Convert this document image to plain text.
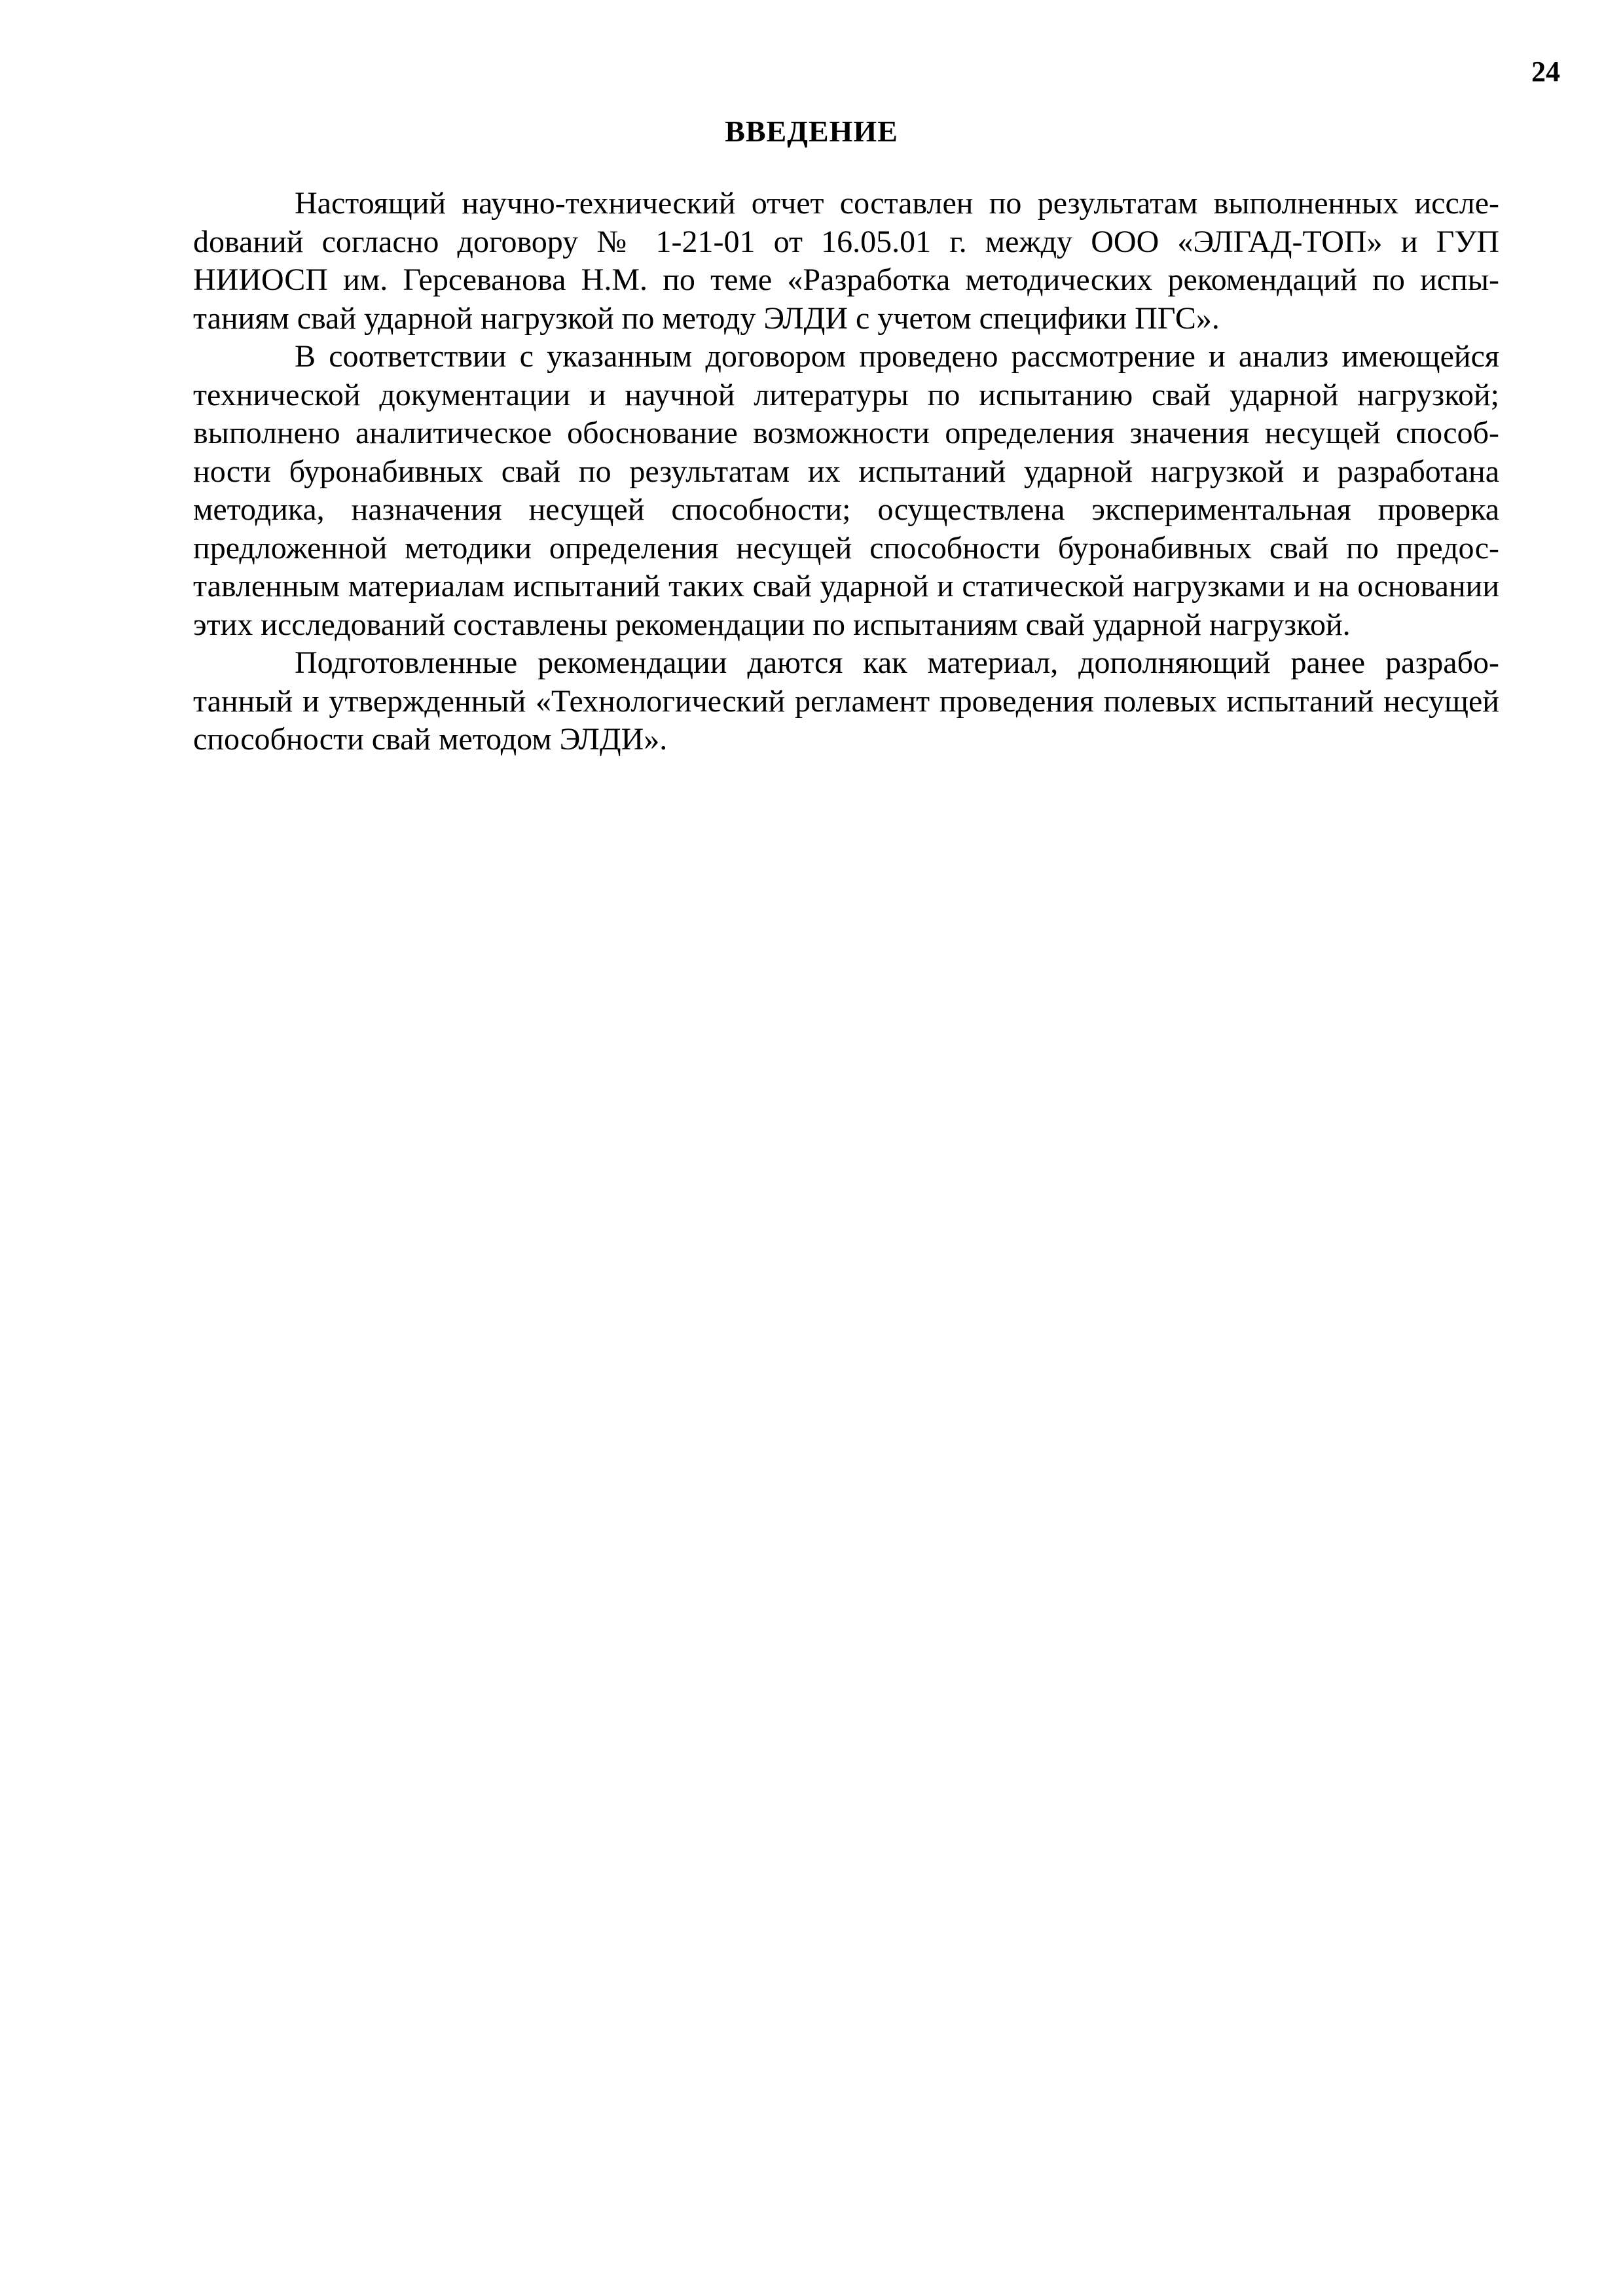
24
ВВЕДЕНИЕ

Настоящий научно-технический отчет составлен по результатам выполненных исслеdований согласно договору № 1-21-01 от 16.05.01 г. между ООО «ЭЛГАД-ТОП» и ГУП НИИОСП им. Герсеванова Н.М. по теме «Разработка методических рекомендаций по испытаниям свай ударной нагрузкой по методу ЭЛДИ с учетом специфики ПГС».

В соответствии с указанным договором проведено рассмотрение и анализ имеющейся технической документации и научной литературы по испытанию свай ударной нагрузкой; выполнено аналитическое обоснование возможности определения значения несущей способности буронабивных свай по результатам их испытаний ударной нагрузкой и разработана методика, назначения несущей способности; осуществлена экспериментальная проверка предложенной методики определения несущей способности буронабивных свай по предоставленным материалам испытаний таких свай ударной и статической нагрузками и на основании этих исследований составлены рекомендации по испытаниям свай ударной нагрузкой.

Подготовленные рекомендации даются как материал, дополняющий ранее разработанный и утвержденный «Технологический регламент проведения полевых испытаний несущей способности свай методом ЭЛДИ».
